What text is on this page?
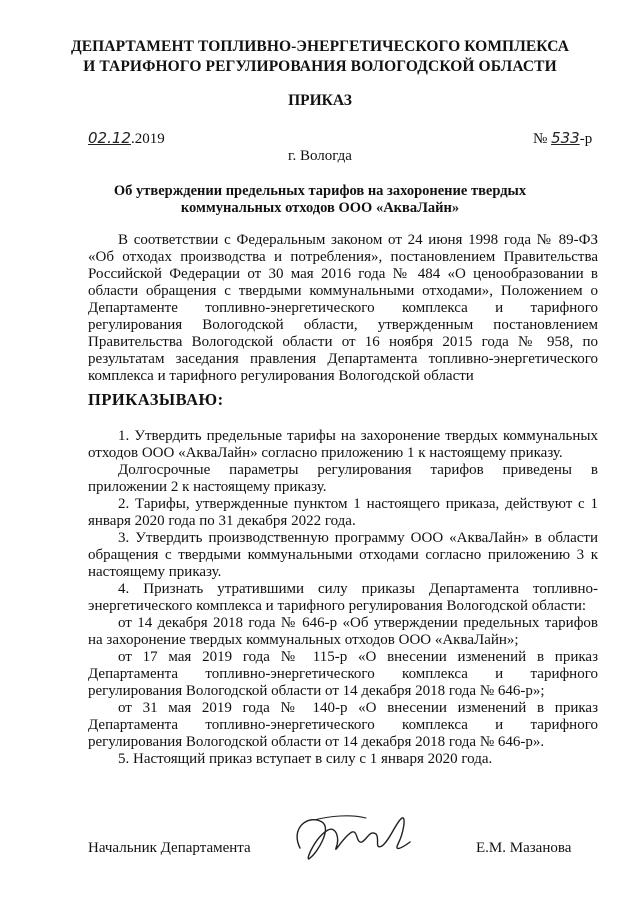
ДЕПАРТАМЕНТ ТОПЛИВНО-ЭНЕРГЕТИЧЕСКОГО КОМПЛЕКСА
И ТАРИФНОГО РЕГУЛИРОВАНИЯ ВОЛОГОДСКОЙ ОБЛАСТИ
ПРИКАЗ
02.12.2019	№ 533-р
г. Вологда
Об утверждении предельных тарифов на захоронение твердых
коммунальных отходов ООО «АкваЛайн»

В соответствии с Федеральным законом от 24 июня 1998 года № 89-ФЗ «Об отходах производства и потребления», постановлением Правительства Российской Федерации от 30 мая 2016 года № 484 «О ценообразовании в области обращения с твердыми коммунальными отходами», Положением о Департаменте топливно-энергетического комплекса и тарифного регулирования Вологодской области, утвержденным постановлением Правительства Вологодской области от 16 ноября 2015 года № 958, по результатам заседания правления Департамента топливно-энергетического комплекса и тарифного регулирования Вологодской области

ПРИКАЗЫВАЮ:

1. Утвердить предельные тарифы на захоронение твердых коммунальных отходов ООО «АкваЛайн» согласно приложению 1 к настоящему приказу.

Долгосрочные параметры регулирования тарифов приведены в приложении 2 к настоящему приказу.

2. Тарифы, утвержденные пунктом 1 настоящего приказа, действуют с 1 января 2020 года по 31 декабря 2022 года.

3. Утвердить производственную программу ООО «АкваЛайн» в области обращения с твердыми коммунальными отходами согласно приложению 3 к настоящему приказу.

4. Признать утратившими силу приказы Департамента топливно-энергетического комплекса и тарифного регулирования Вологодской области:

от 14 декабря 2018 года № 646-р «Об утверждении предельных тарифов на захоронение твердых коммунальных отходов ООО «АкваЛайн»;

от 17 мая 2019 года № 115-р «О внесении изменений в приказ Департамента топливно-энергетического комплекса и тарифного регулирования Вологодской области от 14 декабря 2018 года № 646-р»;

от 31 мая 2019 года № 140-р «О внесении изменений в приказ Департамента топливно-энергетического комплекса и тарифного регулирования Вологодской области от 14 декабря 2018 года № 646-р».

5. Настоящий приказ вступает в силу с 1 января 2020 года.

Начальник Департамента	Е.М. Мазанова
